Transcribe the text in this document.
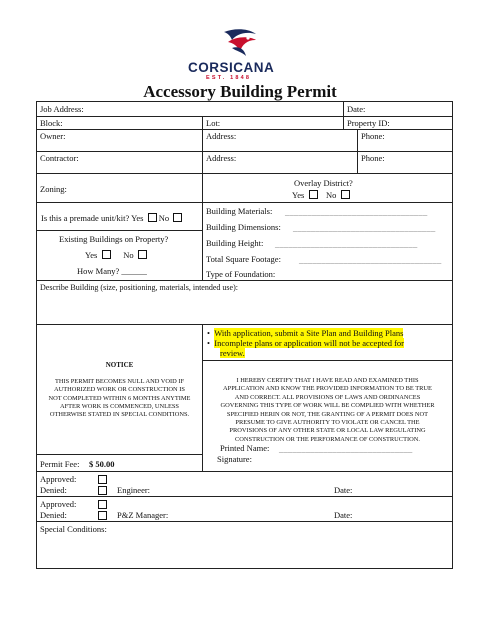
CORSICANA
EST. 1848
Accessory Building Permit
Job Address:	Date:
Block:	Lot:	Property ID:
Owner:	Address:	Phone:
Contractor:	Address:	Phone:
Zoning:
Overlay District?
Yes	No
Is this a premade unit/kit? Yes No
Existing Buildings on Property?
Yes	No
How Many? ______
Building Materials: ________________________________
Building Dimensions: ________________________________
Building Height: ________________________________
Total Square Footage: ________________________________
Type of Foundation:
Describe Building (size, positioning, materials, intended use):
NOTICE
THIS PERMIT BECOMES NULL AND VOID IF
AUTHORIZED WORK OR CONSTRUCTION IS
NOT COMPLETED WITHIN 6 MONTHS ANYTIME
AFTER WORK IS COMMENCED, UNLESS
OTHERWISE STATED IN SPECIAL CONDITIONS.
Permit Fee: $ 50.00
•  With application, submit a Site Plan and Building Plans
•  Incomplete plans or application will not be accepted for
review.
I HEREBY CERTIFY THAT I HAVE READ AND EXAMINED THIS
APPLICATION AND KNOW THE PROVIDED INFORMATION TO BE TRUE
AND CORRECT. ALL PROVISIONS OF LAWS AND ORDINANCES
GOVERNING THIS TYPE OF WORK WILL BE COMPLIED WITH WHETHER
SPECIFIED HERIN OR NOT, THE GRANTING OF A PERMIT DOES NOT
PRESUME TO GIVE AUTHORITY TO VIOLATE OR CANCEL THE
PROVISIONS OF ANY OTHER STATE OR LOCAL LAW REGULATING
CONSTRUCTION OR THE PERFORMANCE OF CONSTRUCTION.
Printed Name: ______________________________
Signature:
Approved:
Denied:	Engineer:	Date:
Approved:
Denied:	P&Z Manager:	Date:
Special Conditions:
